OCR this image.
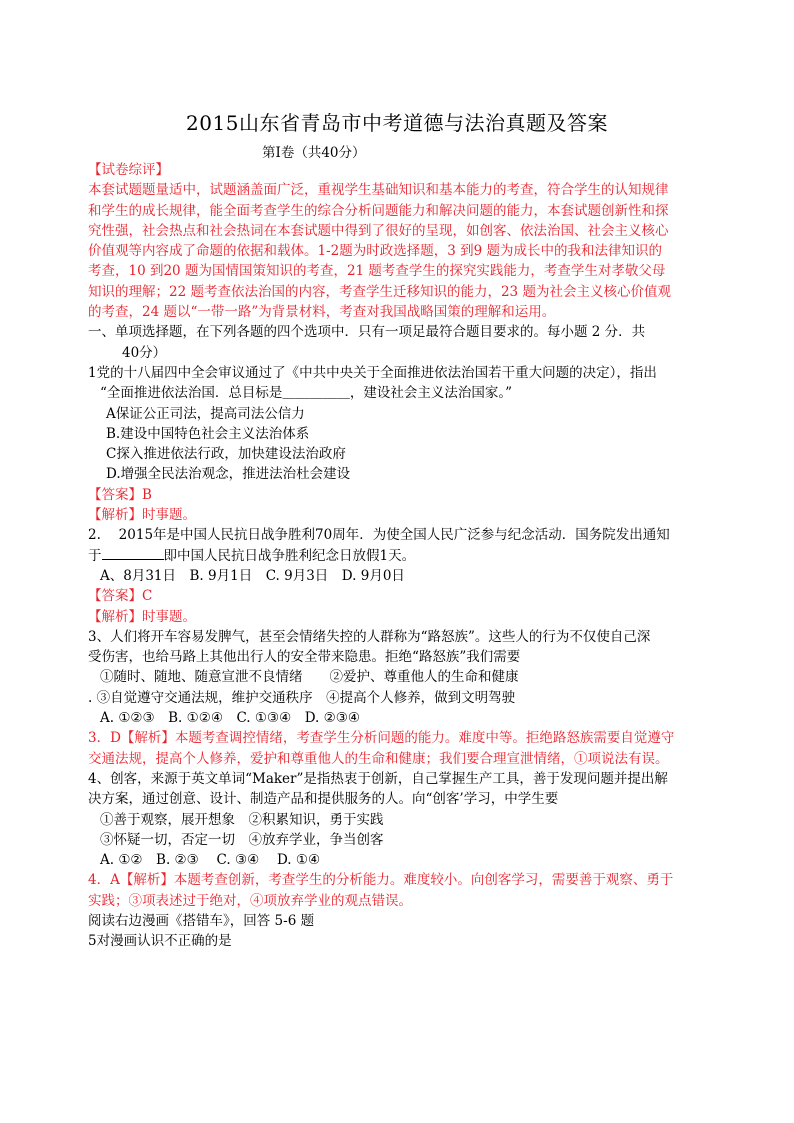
2015山东省青岛市中考道德与法治真题及答案
第Ⅰ卷（共40分）
【试卷综评】
本套试题题量适中，试题涵盖面广泛，重视学生基础知识和基本能力的考查，符合学生的认知规律
和学生的成长规律，能全面考查学生的综合分析问题能力和解决问题的能力，本套试题创新性和探
究性强，社会热点和社会热词在本套试题中得到了很好的呈现，如创客、依法治国、社会主义核心
价值观等内容成了命题的依据和载体。1-2题为时政选择题，3 到9 题为成长中的我和法律知识的
考查，10 到20 题为国情国策知识的考查，21 题考查学生的探究实践能力，考查学生对孝敬父母
知识的理解；22 题考查依法治国的内容，考查学生迁移知识的能力，23 题为社会主义核心价值观
的考查，24 题以“一带一路”为背景材料，考查对我国战略国策的理解和运用。
一、单项选择题，在下列各题的四个选项中．只有一项足最符合题目要求的。每小题 2 分．共
40分）
1党的十八届四中全会审议通过了《中共中央关于全面推进依法治国若干重大问题的决定），指出
“全面推进依法治国．总目标是＿＿＿＿＿，建设社会主义法治国家。”
A保证公正司法，提高司法公信力
B.建设中国特色社会主义法治体系
C探入推进依法行政，加快建设法治政府
D.增强全民法治观念，推进法治杜会建设
【答案】B
【解析】时事题。
2.　 2015年是中国人民抗日战争胜利70周年．为使全国人民广泛参与纪念活动．国务院发出通知
于	即中国人民抗日战争胜利纪念日放假1天。
A、8月31日　B. 9月1日　C. 9月3日　D. 9月0日
【答案】C
【解析】时事题。
3、人们将开车容易发脾气，甚至会情绪失控的人群称为“路怒族”。这些人的行为不仅使自己深
受伤害，也给马路上其他出行人的安全带来隐患。拒绝“路怒族”我们需要
①随时、随地、随意宣泄不良情绪　　②爱护、尊重他人的生命和健康
. ③自觉遵守交通法规，维护交通秩序　④提高个人修养，做到文明驾驶
A. ①②③　B. ①②④　C. ①③④　D. ②③④
3．D【解析】本题考查调控情绪，考查学生分析问题的能力。难度中等。拒绝路怒族需要自觉遵守
交通法规，提高个人修养，爱护和尊重他人的生命和健康；我们要合理宣泄情绪，①项说法有误。
4、创客，来源于英文单词“Maker”是指热衷于创新，自己掌握生产工具，善于发现问题并提出解
决方案，通过创意、设计、制造产品和提供服务的人。向“创客’学习，中学生要
①善于观察，展开想象　②积累知识，勇于实践
③怀疑一切，否定一切　④放弃学业，争当创客
A. ①②　B. ②③　 C. ③④　 D. ①④
4．A【解析】本题考查创新，考查学生的分析能力。难度较小。向创客学习，需要善于观察、勇于
实践；③项表述过于绝对，④项放弃学业的观点错误。
阅读右边漫画《搭错车》，回答 5-6 题
5对漫画认识不正确的是
